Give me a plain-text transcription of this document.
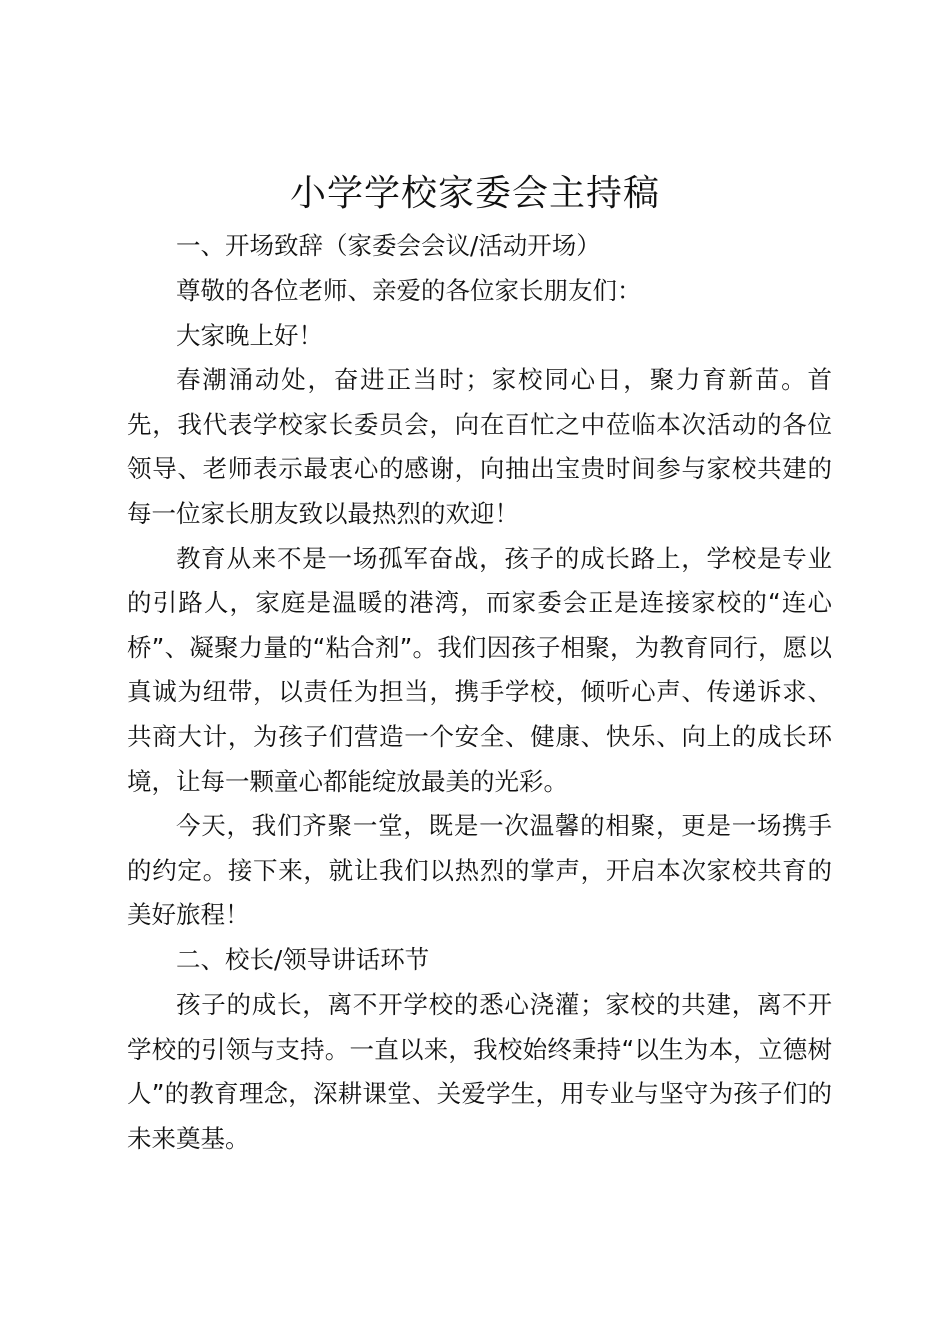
小学学校家委会主持稿

一、开场致辞（家委会会议/活动开场）

尊敬的各位老师、亲爱的各位家长朋友们：

大家晚上好！

春潮涌动处，奋进正当时；家校同心日，聚力育新苗。首先，我代表学校家长委员会，向在百忙之中莅临本次活动的各位领导、老师表示最衷心的感谢，向抽出宝贵时间参与家校共建的每一位家长朋友致以最热烈的欢迎！

教育从来不是一场孤军奋战，孩子的成长路上，学校是专业的引路人，家庭是温暖的港湾，而家委会正是连接家校的“连心桥”、凝聚力量的“粘合剂”。我们因孩子相聚，为教育同行，愿以真诚为纽带，以责任为担当，携手学校，倾听心声、传递诉求、共商大计，为孩子们营造一个安全、健康、快乐、向上的成长环境，让每一颗童心都能绽放最美的光彩。

今天，我们齐聚一堂，既是一次温馨的相聚，更是一场携手的约定。接下来，就让我们以热烈的掌声，开启本次家校共育的美好旅程！

二、校长/领导讲话环节

孩子的成长，离不开学校的悉心浇灌；家校的共建，离不开学校的引领与支持。一直以来，我校始终秉持“以生为本，立德树人”的教育理念，深耕课堂、关爱学生，用专业与坚守为孩子们的未来奠基。
